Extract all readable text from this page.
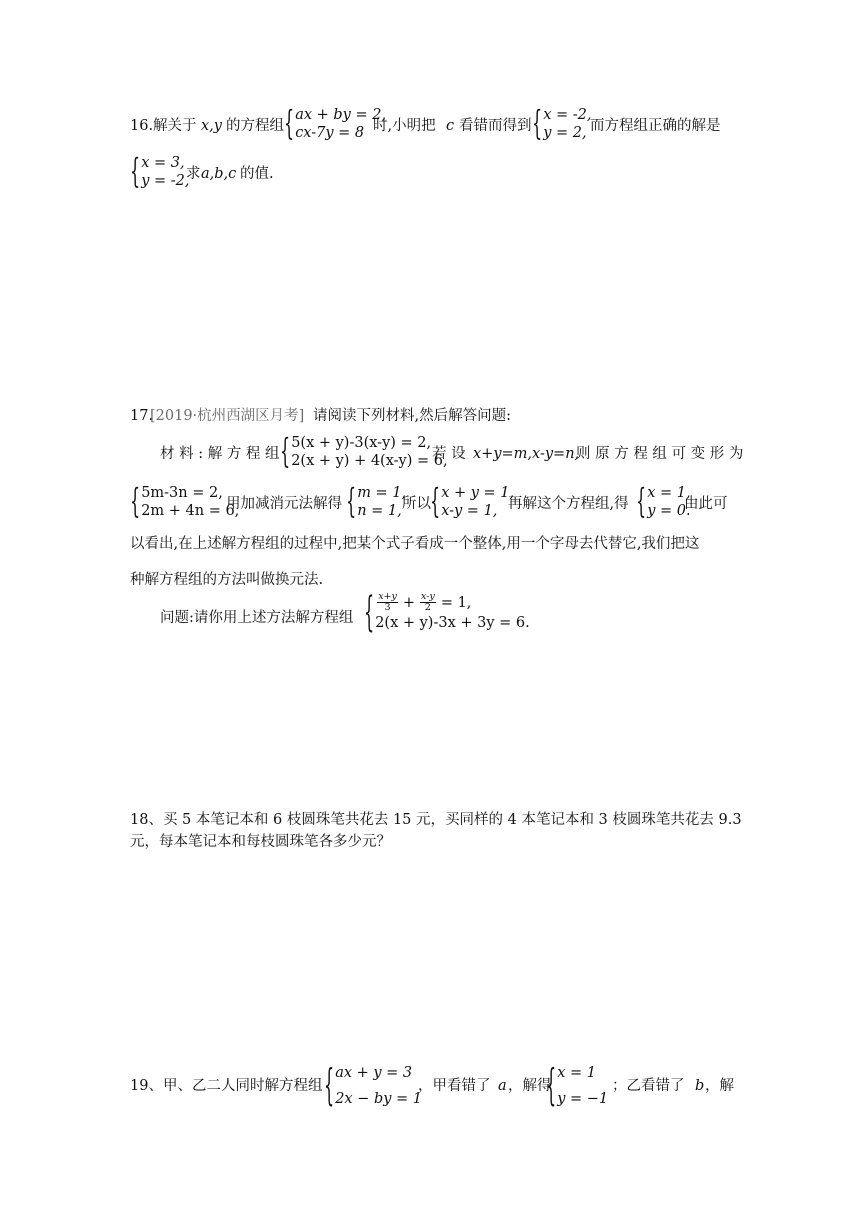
16.解关于 x,y 的方程组 { ax + by = 2,
cx-7y = 8 时,小明把 c 看错而得到 { x = -2,
y = 2, 而方程组正确的解是
{ x = 3,
y = -2,
求 a,b,c 的值.
17.
[2019·杭州西湖区月考] 请阅读下列材料,然后解答问题:
材 料 : 解 方 程 组 { 5(x + y)-3(x-y) = 2,
2(x + y) + 4(x-y) = 6,
若 设 x+y=m,x-y=n,
则 原 方 程 组 可 变 形 为
{ 5m-3n = 2,
2m + 4n = 6,
用加减消元法解得 { m = 1,
n = 1, 所以 { x + y = 1,
x-y = 1, 再解这个方程组,得 { x = 1,
y = 0.
由此可
以看出,在上述解方程组的过程中,把某个式子看成一个整体,用一个字母去代替它,我们把这
种解方程组的方法叫做换元法.
问题:请你用上述方法解方程组 { $\frac{x+y}{3} + \frac{x-y}{2} = 1$,
2(x + y)-3x + 3y = 6.
18、买 5 本笔记本和 6 枝圆珠笔共花去 15 元，买同样的 4 本笔记本和 3 枝圆珠笔共花去 9.3
元，每本笔记本和每枝圆珠笔各多少元？
19、甲、乙二人同时解方程组 { ax + y = 3
2x − by = 1
，甲看错了 a ，解得
{ x = 1
y = −1
；乙看错了 b ，解
